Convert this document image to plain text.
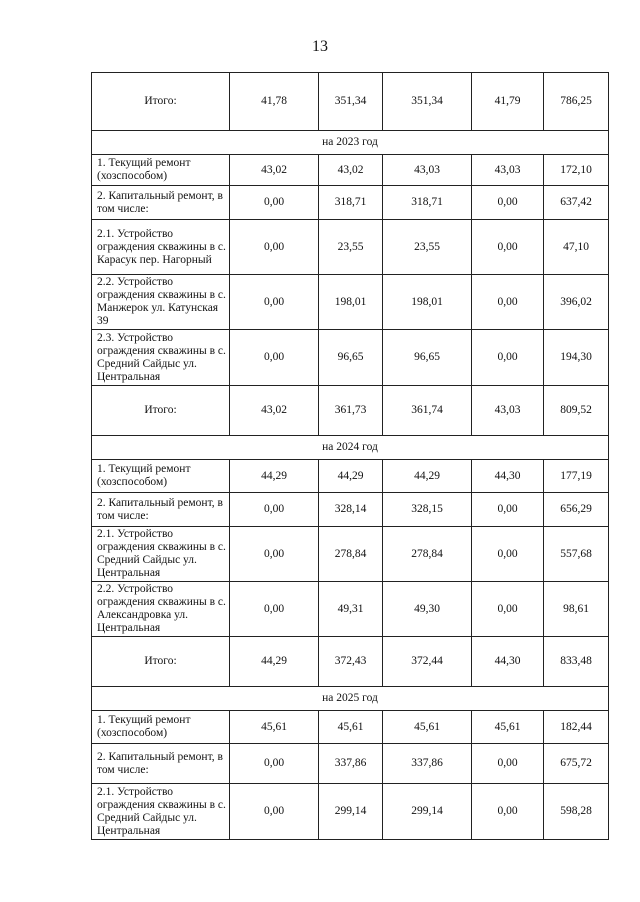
13
Итого:	41,78	351,34	351,34	41,79	786,25
на 2023 год					
1. Текущий ремонт (хозспособом)	43,02	43,02	43,03	43,03	172,10
2. Капитальный ремонт, в том числе:	0,00	318,71	318,71	0,00	637,42
2.1. Устройство ограждения скважины в с. Карасук пер. Нагорный	0,00	23,55	23,55	0,00	47,10
2.2. Устройство ограждения скважины в с. Манжерок ул. Катунская 39	0,00	198,01	198,01	0,00	396,02
2.3. Устройство ограждения скважины в с. Средний Сайдыс ул. Центральная	0,00	96,65	96,65	0,00	194,30
Итого:	43,02	361,73	361,74	43,03	809,52
на 2024 год					
1. Текущий ремонт (хозспособом)	44,29	44,29	44,29	44,30	177,19
2. Капитальный ремонт, в том числе:	0,00	328,14	328,15	0,00	656,29
2.1. Устройство ограждения скважины в с. Средний Сайдыс ул. Центральная	0,00	278,84	278,84	0,00	557,68
2.2. Устройство ограждения скважины в с. Александровка ул. Центральная	0,00	49,31	49,30	0,00	98,61
Итого:	44,29	372,43	372,44	44,30	833,48
на 2025 год					
1. Текущий ремонт (хозспособом)	45,61	45,61	45,61	45,61	182,44
2. Капитальный ремонт, в том числе:	0,00	337,86	337,86	0,00	675,72
2.1. Устройство ограждения скважины в с. Средний Сайдыс ул. Центральная	0,00	299,14	299,14	0,00	598,28
